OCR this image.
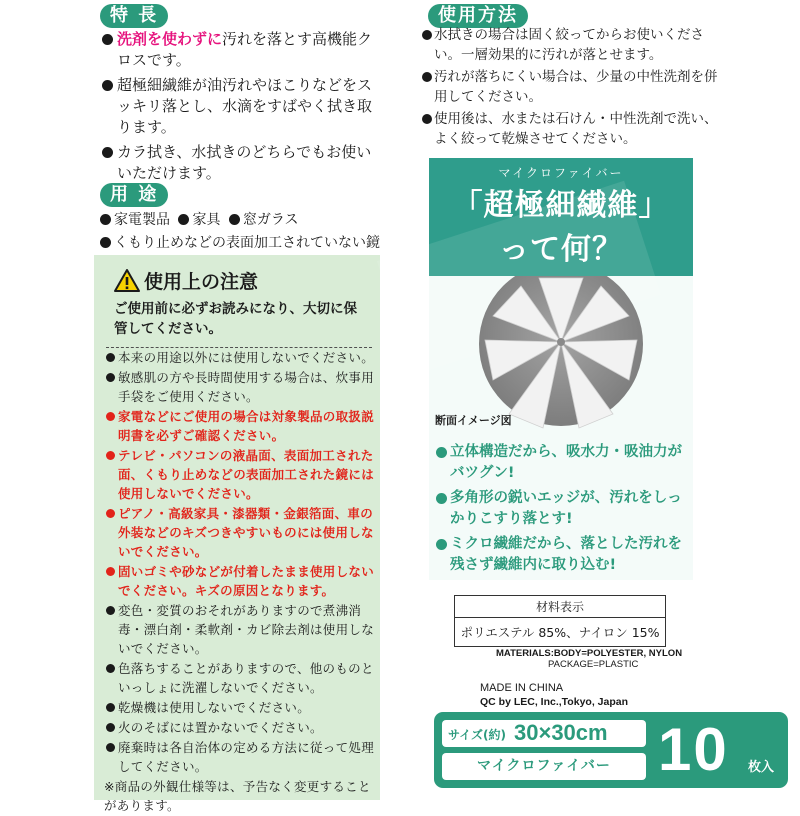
特 長
洗剤を使わずに汚れを落とす高機能クロスです。
超極細繊維が油汚れやほこりなどをスッキリ落とし、水滴をすばやく拭き取ります。
カラ拭き、水拭きのどちらでもお使いいただけます。
用 途
家電製品 家具 窓ガラス
くもり止めなどの表面加工されていない鏡
使用上の注意
ご使用前に必ずお読みになり、大切に保管してください。
本来の用途以外には使用しないでください。
敏感肌の方や長時間使用する場合は、炊事用手袋をご使用ください。
家電などにご使用の場合は対象製品の取扱説明書を必ずご確認ください。
テレビ・パソコンの液晶面、表面加工された面、くもり止めなどの表面加工された鏡には使用しないでください。
ピアノ・高級家具・漆器類・金銀箔面、車の外装などのキズつきやすいものには使用しないでください。
固いゴミや砂などが付着したまま使用しないでください。キズの原因となります。
変色・変質のおそれがありますので煮沸消毒・漂白剤・柔軟剤・カビ除去剤は使用しないでください。
色落ちすることがありますので、他のものといっしょに洗濯しないでください。
乾燥機は使用しないでください。
火のそばには置かないでください。
廃棄時は各自治体の定める方法に従って処理してください。
※商品の外観仕様等は、予告なく変更することがあります。
使用方法
水拭きの場合は固く絞ってからお使いください。一層効果的に汚れが落とせます。
汚れが落ちにくい場合は、少量の中性洗剤を併用してください。
使用後は、水または石けん・中性洗剤で洗い、よく絞って乾燥させてください。
マイクロファイバー
「超極細繊維」
って何？
断面イメージ図
立体構造だから、吸水力・吸油力がバツグン!
多角形の鋭いエッジが、汚れをしっかりこすり落とす!
ミクロ繊維だから、落とした汚れを残さず繊維内に取り込む!
材料表示
ポリエステル 85%、ナイロン 15%
MATERIALS:BODY=POLYESTER, NYLON
PACKAGE=PLASTIC
MADE IN CHINA
QC by LEC, Inc.,Tokyo, Japan
サイズ(約) 30×30cm
マイクロファイバー 10 枚入
